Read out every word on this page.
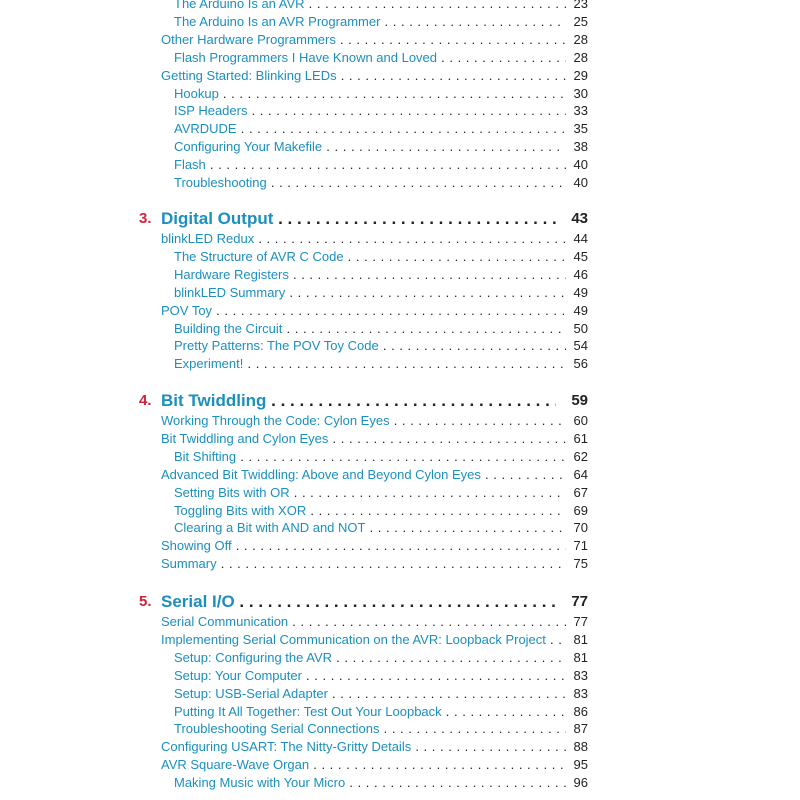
The Arduino Is an AVR . . .	23
The Arduino Is an AVR Programmer . . .	25
Other Hardware Programmers . . .	28
Flash Programmers I Have Known and Loved . . .	28
Getting Started: Blinking LEDs . . .	29
Hookup . . .	30
ISP Headers . . .	33
AVRDUDE . . .	35
Configuring Your Makefile . . .	38
Flash . . .	40
Troubleshooting . . .	40
3. Digital Output . . .	43
blinkLED Redux . . .	44
The Structure of AVR C Code . . .	45
Hardware Registers . . .	46
blinkLED Summary . . .	49
POV Toy . . .	49
Building the Circuit . . .	50
Pretty Patterns: The POV Toy Code . . .	54
Experiment! . . .	56
4. Bit Twiddling . . .	59
Working Through the Code: Cylon Eyes . . .	60
Bit Twiddling and Cylon Eyes . . .	61
Bit Shifting . . .	62
Advanced Bit Twiddling: Above and Beyond Cylon Eyes . . .	64
Setting Bits with OR . . .	67
Toggling Bits with XOR . . .	69
Clearing a Bit with AND and NOT . . .	70
Showing Off . . .	71
Summary . . .	75
5. Serial I/O . . .	77
Serial Communication . . .	77
Implementing Serial Communication on the AVR: Loopback Project . . .	81
Setup: Configuring the AVR . . .	81
Setup: Your Computer . . .	83
Setup: USB-Serial Adapter . . .	83
Putting It All Together: Test Out Your Loopback . . .	86
Troubleshooting Serial Connections . . .	87
Configuring USART: The Nitty-Gritty Details . . .	88
AVR Square-Wave Organ . . .	95
Making Music with Your Micro . . .	96
